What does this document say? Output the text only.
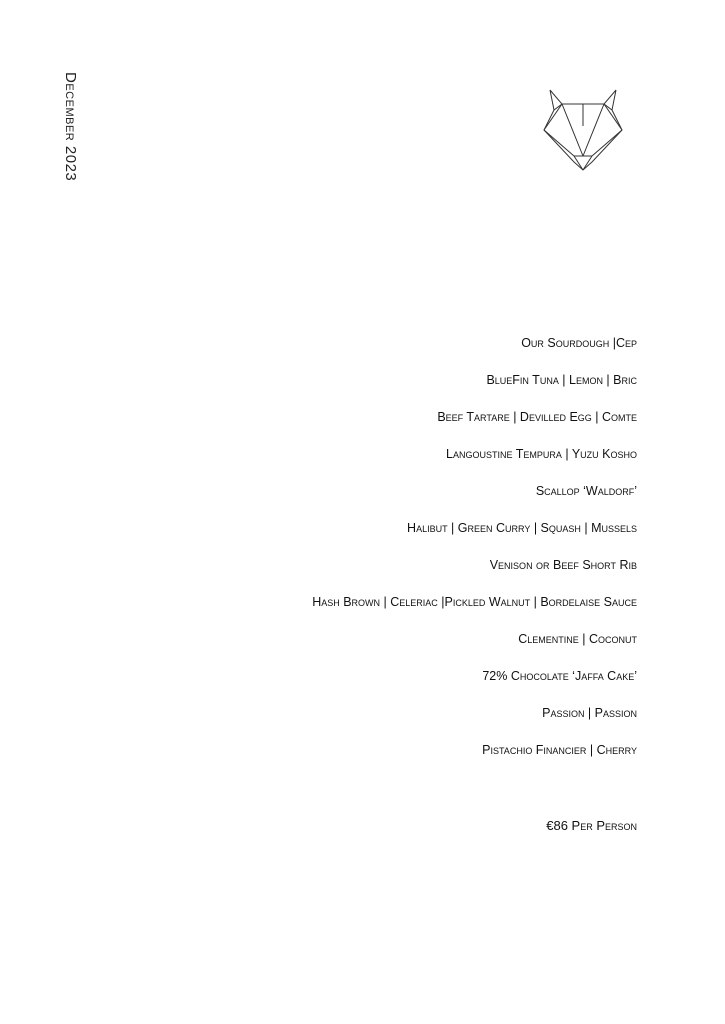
December 2023
Our Sourdough |Cep
BlueFin Tuna | Lemon | Bric
Beef Tartare | Devilled Egg | Comte
Langoustine Tempura | Yuzu Kosho
Scallop ‘Waldorf’
Halibut | Green Curry | Squash | Mussels
Venison or Beef Short Rib
Hash Brown | Celeriac |Pickled Walnut | Bordelaise Sauce
Clementine | Coconut
72% Chocolate ‘Jaffa Cake’
Passion | Passion
Pistachio Financier | Cherry
€86 Per Person
